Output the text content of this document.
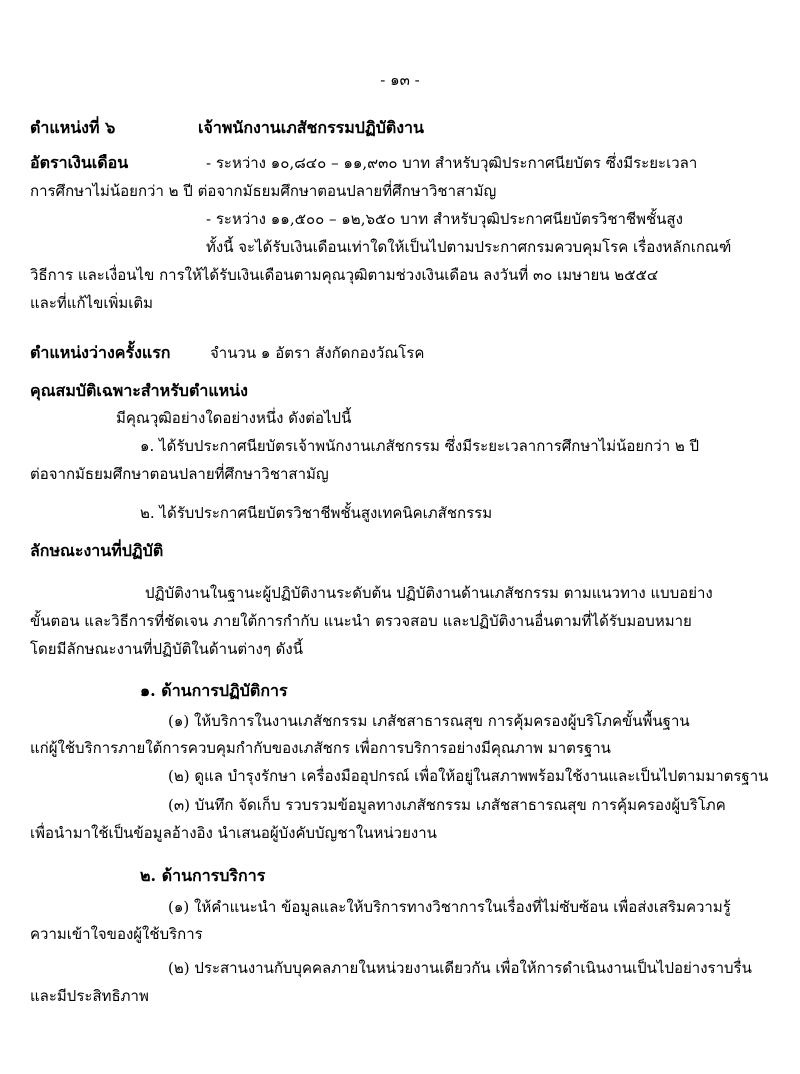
- ๑๓ -
ตำแหน่งที่ ๖	เจ้าพนักงานเภสัชกรรมปฏิบัติงาน
อัตราเงินเดือน	- ระหว่าง ๑๐,๘๔๐ – ๑๑,๙๓๐ บาท สำหรับวุฒิประกาศนียบัตร ซึ่งมีระยะเวลา
การศึกษาไม่น้อยกว่า ๒ ปี ต่อจากมัธยมศึกษาตอนปลายที่ศึกษาวิชาสามัญ
- ระหว่าง ๑๑,๕๐๐ – ๑๒,๖๕๐ บาท สำหรับวุฒิประกาศนียบัตรวิชาชีพชั้นสูง
ทั้งนี้ จะได้รับเงินเดือนเท่าใดให้เป็นไปตามประกาศกรมควบคุมโรค เรื่องหลักเกณฑ์
วิธีการ และเงื่อนไข การให้ได้รับเงินเดือนตามคุณวุฒิตามช่วงเงินเดือน ลงวันที่ ๓๐ เมษายน ๒๕๕๔
และที่แก้ไขเพิ่มเติม
ตำแหน่งว่างครั้งแรก	จำนวน ๑ อัตรา สังกัดกองวัณโรค
คุณสมบัติเฉพาะสำหรับตำแหน่ง
มีคุณวุฒิอย่างใดอย่างหนึ่ง ดังต่อไปนี้
๑. ได้รับประกาศนียบัตรเจ้าพนักงานเภสัชกรรม ซึ่งมีระยะเวลาการศึกษาไม่น้อยกว่า ๒ ปี
ต่อจากมัธยมศึกษาตอนปลายที่ศึกษาวิชาสามัญ
๒. ได้รับประกาศนียบัตรวิชาชีพชั้นสูงเทคนิคเภสัชกรรม
ลักษณะงานที่ปฏิบัติ
ปฏิบัติงานในฐานะผู้ปฏิบัติงานระดับต้น ปฏิบัติงานด้านเภสัชกรรม ตามแนวทาง แบบอย่าง
ขั้นตอน และวิธีการที่ชัดเจน ภายใต้การกำกับ แนะนำ ตรวจสอบ และปฏิบัติงานอื่นตามที่ได้รับมอบหมาย
โดยมีลักษณะงานที่ปฏิบัติในด้านต่างๆ ดังนี้
๑. ด้านการปฏิบัติการ
(๑) ให้บริการในงานเภสัชกรรม เภสัชสาธารณสุข การคุ้มครองผู้บริโภคขั้นพื้นฐาน
แก่ผู้ใช้บริการภายใต้การควบคุมกำกับของเภสัชกร เพื่อการบริการอย่างมีคุณภาพ มาตรฐาน
(๒) ดูแล บำรุงรักษา เครื่องมืออุปกรณ์ เพื่อให้อยู่ในสภาพพร้อมใช้งานและเป็นไปตามมาตรฐาน
(๓) บันทึก จัดเก็บ รวบรวมข้อมูลทางเภสัชกรรม เภสัชสาธารณสุข การคุ้มครองผู้บริโภค
เพื่อนำมาใช้เป็นข้อมูลอ้างอิง นำเสนอผู้บังคับบัญชาในหน่วยงาน
๒. ด้านการบริการ
(๑) ให้คำแนะนำ ข้อมูลและให้บริการทางวิชาการในเรื่องที่ไม่ซับซ้อน เพื่อส่งเสริมความรู้
ความเข้าใจของผู้ใช้บริการ
(๒) ประสานงานกับบุคคลภายในหน่วยงานเดียวกัน เพื่อให้การดำเนินงานเป็นไปอย่างราบรื่น
และมีประสิทธิภาพ
